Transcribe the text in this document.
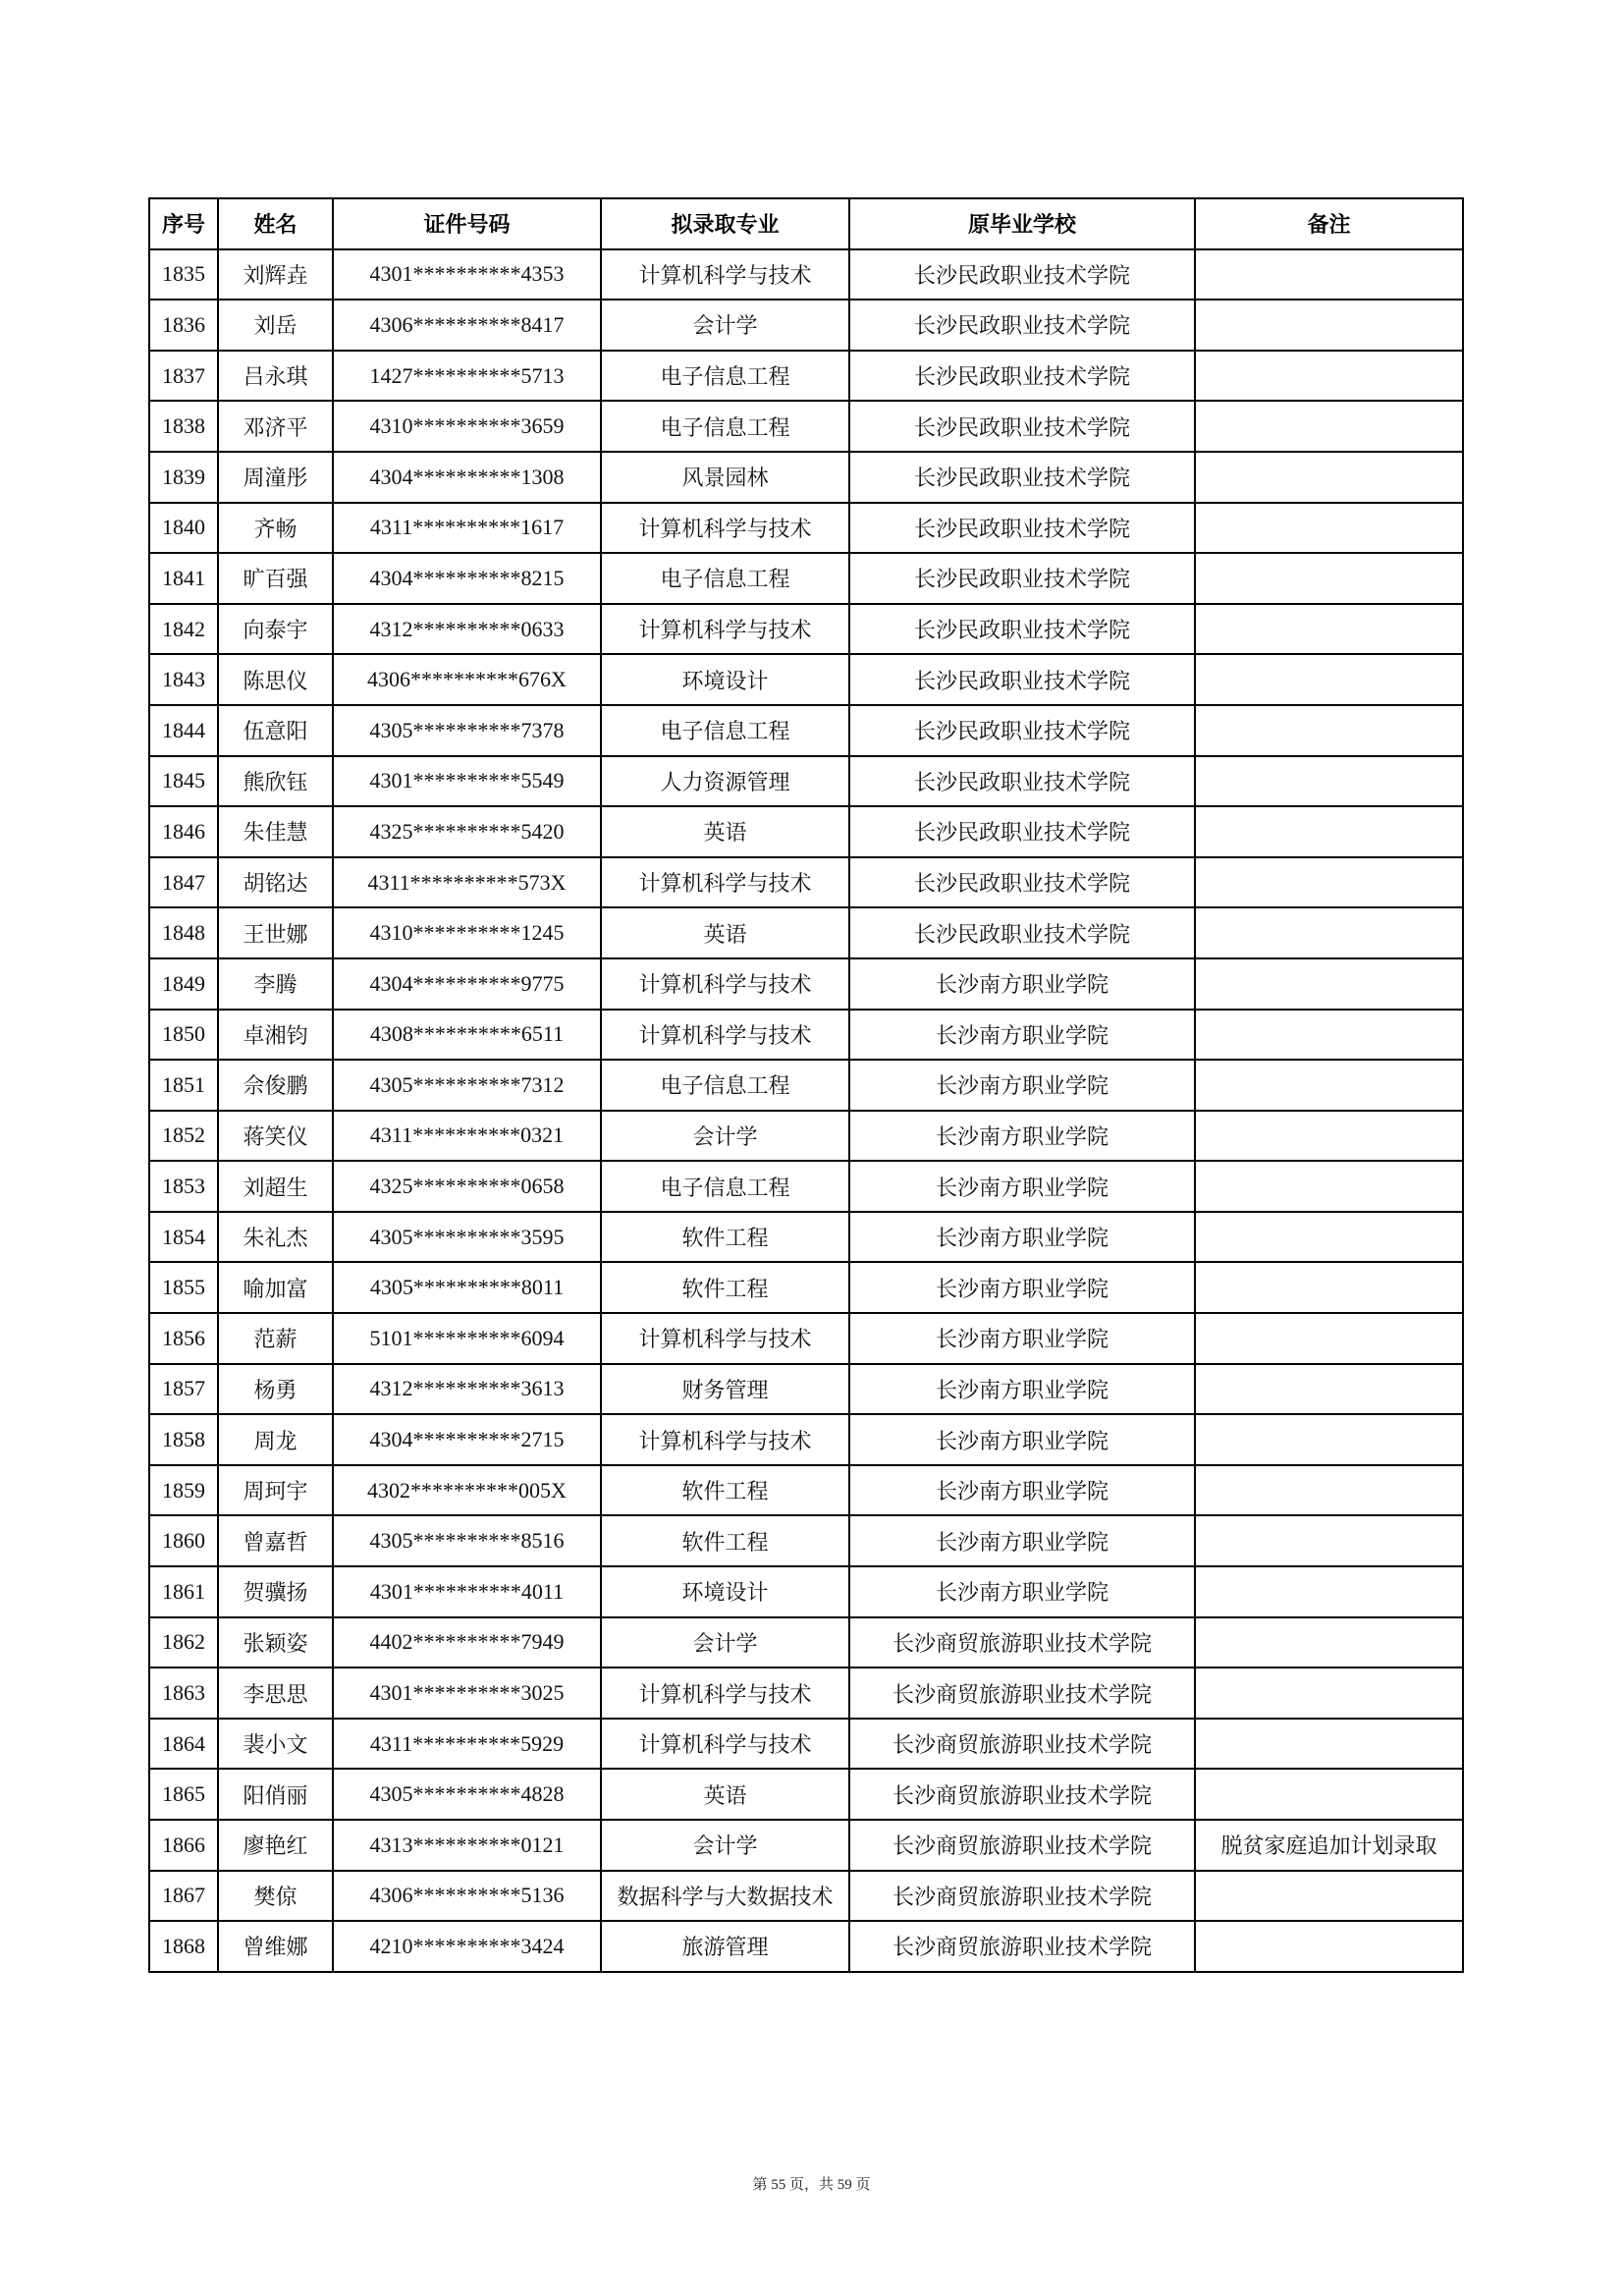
序号	姓名	证件号码	拟录取专业	原毕业学校	备注
1835	刘辉垚	4301**********4353	计算机科学与技术	长沙民政职业技术学院	
1836	刘岳	4306**********8417	会计学	长沙民政职业技术学院	
1837	吕永琪	1427**********5713	电子信息工程	长沙民政职业技术学院	
1838	邓济平	4310**********3659	电子信息工程	长沙民政职业技术学院	
1839	周潼彤	4304**********1308	风景园林	长沙民政职业技术学院	
1840	齐畅	4311**********1617	计算机科学与技术	长沙民政职业技术学院	
1841	旷百强	4304**********8215	电子信息工程	长沙民政职业技术学院	
1842	向泰宇	4312**********0633	计算机科学与技术	长沙民政职业技术学院	
1843	陈思仪	4306**********676X	环境设计	长沙民政职业技术学院	
1844	伍意阳	4305**********7378	电子信息工程	长沙民政职业技术学院	
1845	熊欣钰	4301**********5549	人力资源管理	长沙民政职业技术学院	
1846	朱佳慧	4325**********5420	英语	长沙民政职业技术学院	
1847	胡铭达	4311**********573X	计算机科学与技术	长沙民政职业技术学院	
1848	王世娜	4310**********1245	英语	长沙民政职业技术学院	
1849	李腾	4304**********9775	计算机科学与技术	长沙南方职业学院	
1850	卓湘钧	4308**********6511	计算机科学与技术	长沙南方职业学院	
1851	佘俊鹏	4305**********7312	电子信息工程	长沙南方职业学院	
1852	蒋笑仪	4311**********0321	会计学	长沙南方职业学院	
1853	刘超生	4325**********0658	电子信息工程	长沙南方职业学院	
1854	朱礼杰	4305**********3595	软件工程	长沙南方职业学院	
1855	喻加富	4305**********8011	软件工程	长沙南方职业学院	
1856	范薪	5101**********6094	计算机科学与技术	长沙南方职业学院	
1857	杨勇	4312**********3613	财务管理	长沙南方职业学院	
1858	周龙	4304**********2715	计算机科学与技术	长沙南方职业学院	
1859	周珂宇	4302**********005X	软件工程	长沙南方职业学院	
1860	曾嘉哲	4305**********8516	软件工程	长沙南方职业学院	
1861	贺骥扬	4301**********4011	环境设计	长沙南方职业学院	
1862	张颖姿	4402**********7949	会计学	长沙商贸旅游职业技术学院	
1863	李思思	4301**********3025	计算机科学与技术	长沙商贸旅游职业技术学院	
1864	裴小文	4311**********5929	计算机科学与技术	长沙商贸旅游职业技术学院	
1865	阳俏丽	4305**********4828	英语	长沙商贸旅游职业技术学院	
1866	廖艳红	4313**********0121	会计学	长沙商贸旅游职业技术学院	脱贫家庭追加计划录取
1867	樊倞	4306**********5136	数据科学与大数据技术	长沙商贸旅游职业技术学院	
1868	曾维娜	4210**********3424	旅游管理	长沙商贸旅游职业技术学院	
第 55 页，共 59 页
